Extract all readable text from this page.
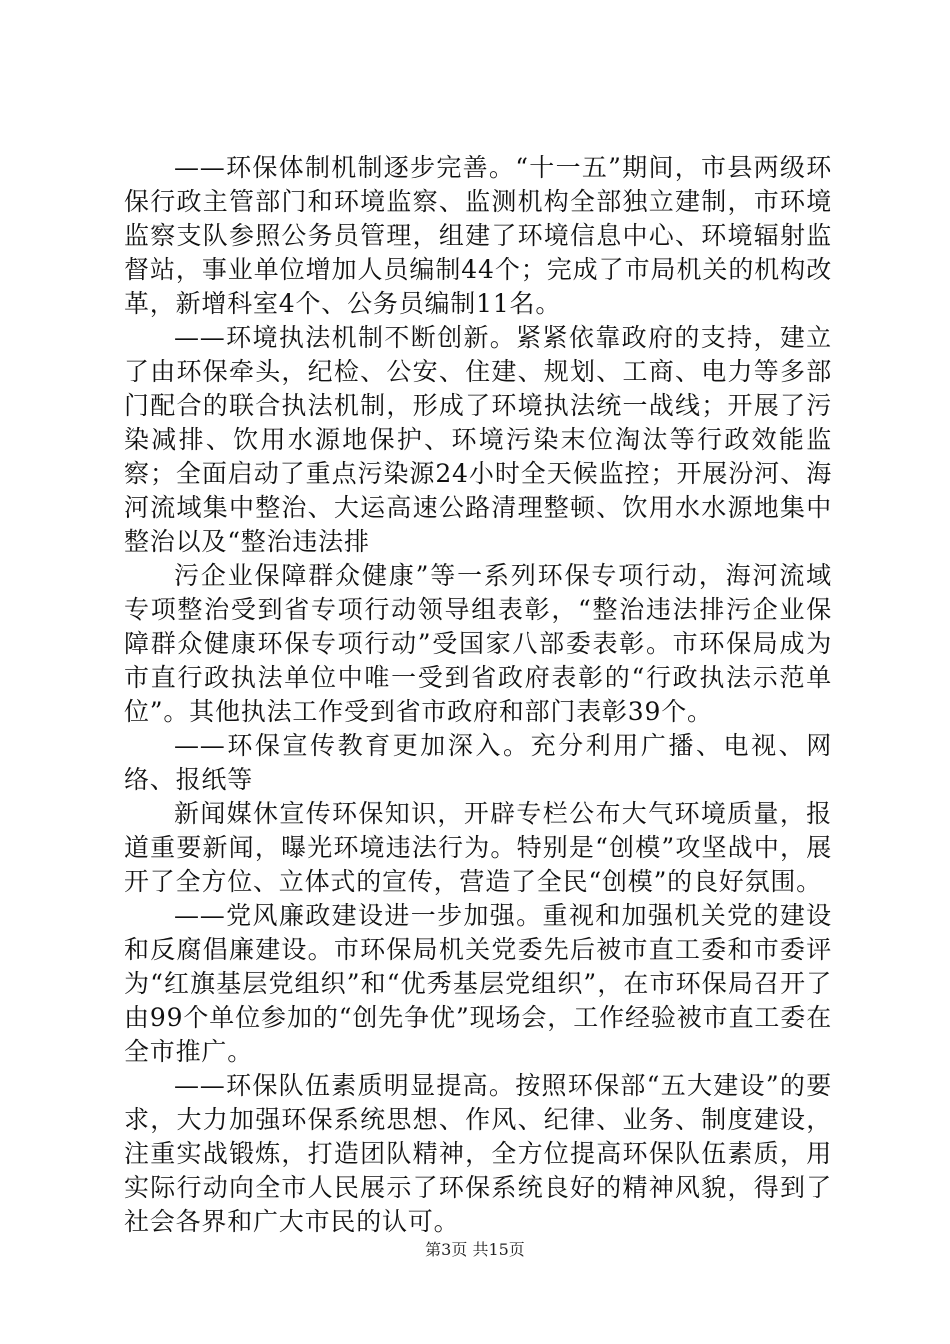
——环保体制机制逐步完善。“十一五”期间，市县两级环保行政主管部门和环境监察、监测机构全部独立建制，市环境监察支队参照公务员管理，组建了环境信息中心、环境辐射监督站，事业单位增加人员编制44个；完成了市局机关的机构改革，新增科室4个、公务员编制11名。

——环境执法机制不断创新。紧紧依靠政府的支持，建立了由环保牵头，纪检、公安、住建、规划、工商、电力等多部门配合的联合执法机制，形成了环境执法统一战线；开展了污染减排、饮用水源地保护、环境污染末位淘汰等行政效能监察；全面启动了重点污染源24小时全天候监控；开展汾河、海河流域集中整治、大运高速公路清理整顿、饮用水水源地集中整治以及“整治违法排

污企业保障群众健康”等一系列环保专项行动，海河流域专项整治受到省专项行动领导组表彰，“整治违法排污企业保障群众健康环保专项行动”受国家八部委表彰。市环保局成为市直行政执法单位中唯一受到省政府表彰的“行政执法示范单位”。其他执法工作受到省市政府和部门表彰39个。

——环保宣传教育更加深入。充分利用广播、电视、网络、报纸等

新闻媒休宣传环保知识，开辟专栏公布大气环境质量，报道重要新闻，曝光环境违法行为。特别是“创模”攻坚战中，展开了全方位、立体式的宣传，营造了全民“创模”的良好氛围。

——党风廉政建设进一步加强。重视和加强机关党的建设和反腐倡廉建设。市环保局机关党委先后被市直工委和市委评为“红旗基层党组织”和“优秀基层党组织”，在市环保局召开了由99个单位参加的“创先争优”现场会，工作经验被市直工委在全市推广。

——环保队伍素质明显提高。按照环保部“五大建设”的要求，大力加强环保系统思想、作风、纪律、业务、制度建设，注重实战锻炼，打造团队精神，全方位提高环保队伍素质，用实际行动向全市人民展示了环保系统良好的精神风貌，得到了社会各界和广大市民的认可。

第3页 共15页
